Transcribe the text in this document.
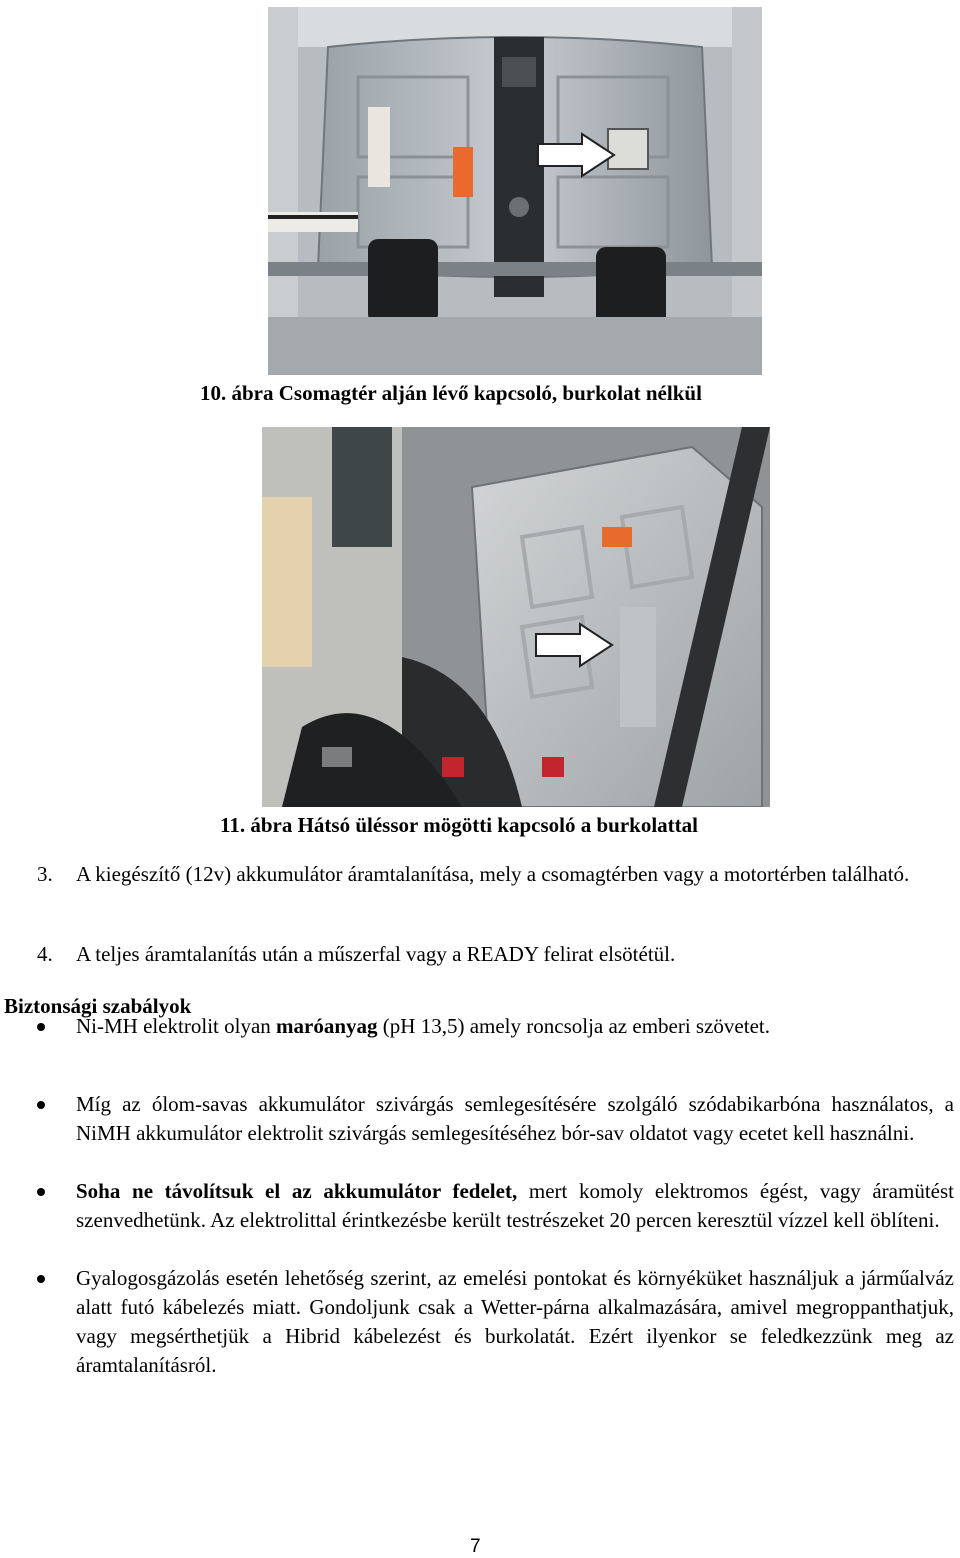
10. ábra Csomagtér alján lévő kapcsoló, burkolat nélkül
11. ábra Hátsó üléssor mögötti kapcsoló a burkolattal
3. A kiegészítő (12v) akkumulátor áramtalanítása, mely a csomagtérben vagy a motortérben található.
4. A teljes áramtalanítás után a műszerfal vagy a READY felirat elsötétül.
Biztonsági szabályok
Ni-MH elektrolit olyan maróanyag (pH 13,5) amely roncsolja az emberi szövetet.
Míg az ólom-savas akkumulátor szivárgás semlegesítésére szolgáló szódabikarbóna használatos, a NiMH akkumulátor elektrolit szivárgás semlegesítéséhez bór-sav oldatot vagy ecetet kell használni.
Soha ne távolítsuk el az akkumulátor fedelet, mert komoly elektromos égést, vagy áramütést szenvedhetünk. Az elektrolittal érintkezésbe került testrészeket 20 percen keresztül vízzel kell öblíteni.
Gyalogosgázolás esetén lehetőség szerint, az emelési pontokat és környéküket használjuk a járműalváz alatt futó kábelezés miatt. Gondoljunk csak a Wetter-párna alkalmazására, amivel megroppanthatjuk, vagy megsérthetjük a Hibrid kábelezést és burkolatát. Ezért ilyenkor se feledkezzünk meg az áramtalanításról.
7
